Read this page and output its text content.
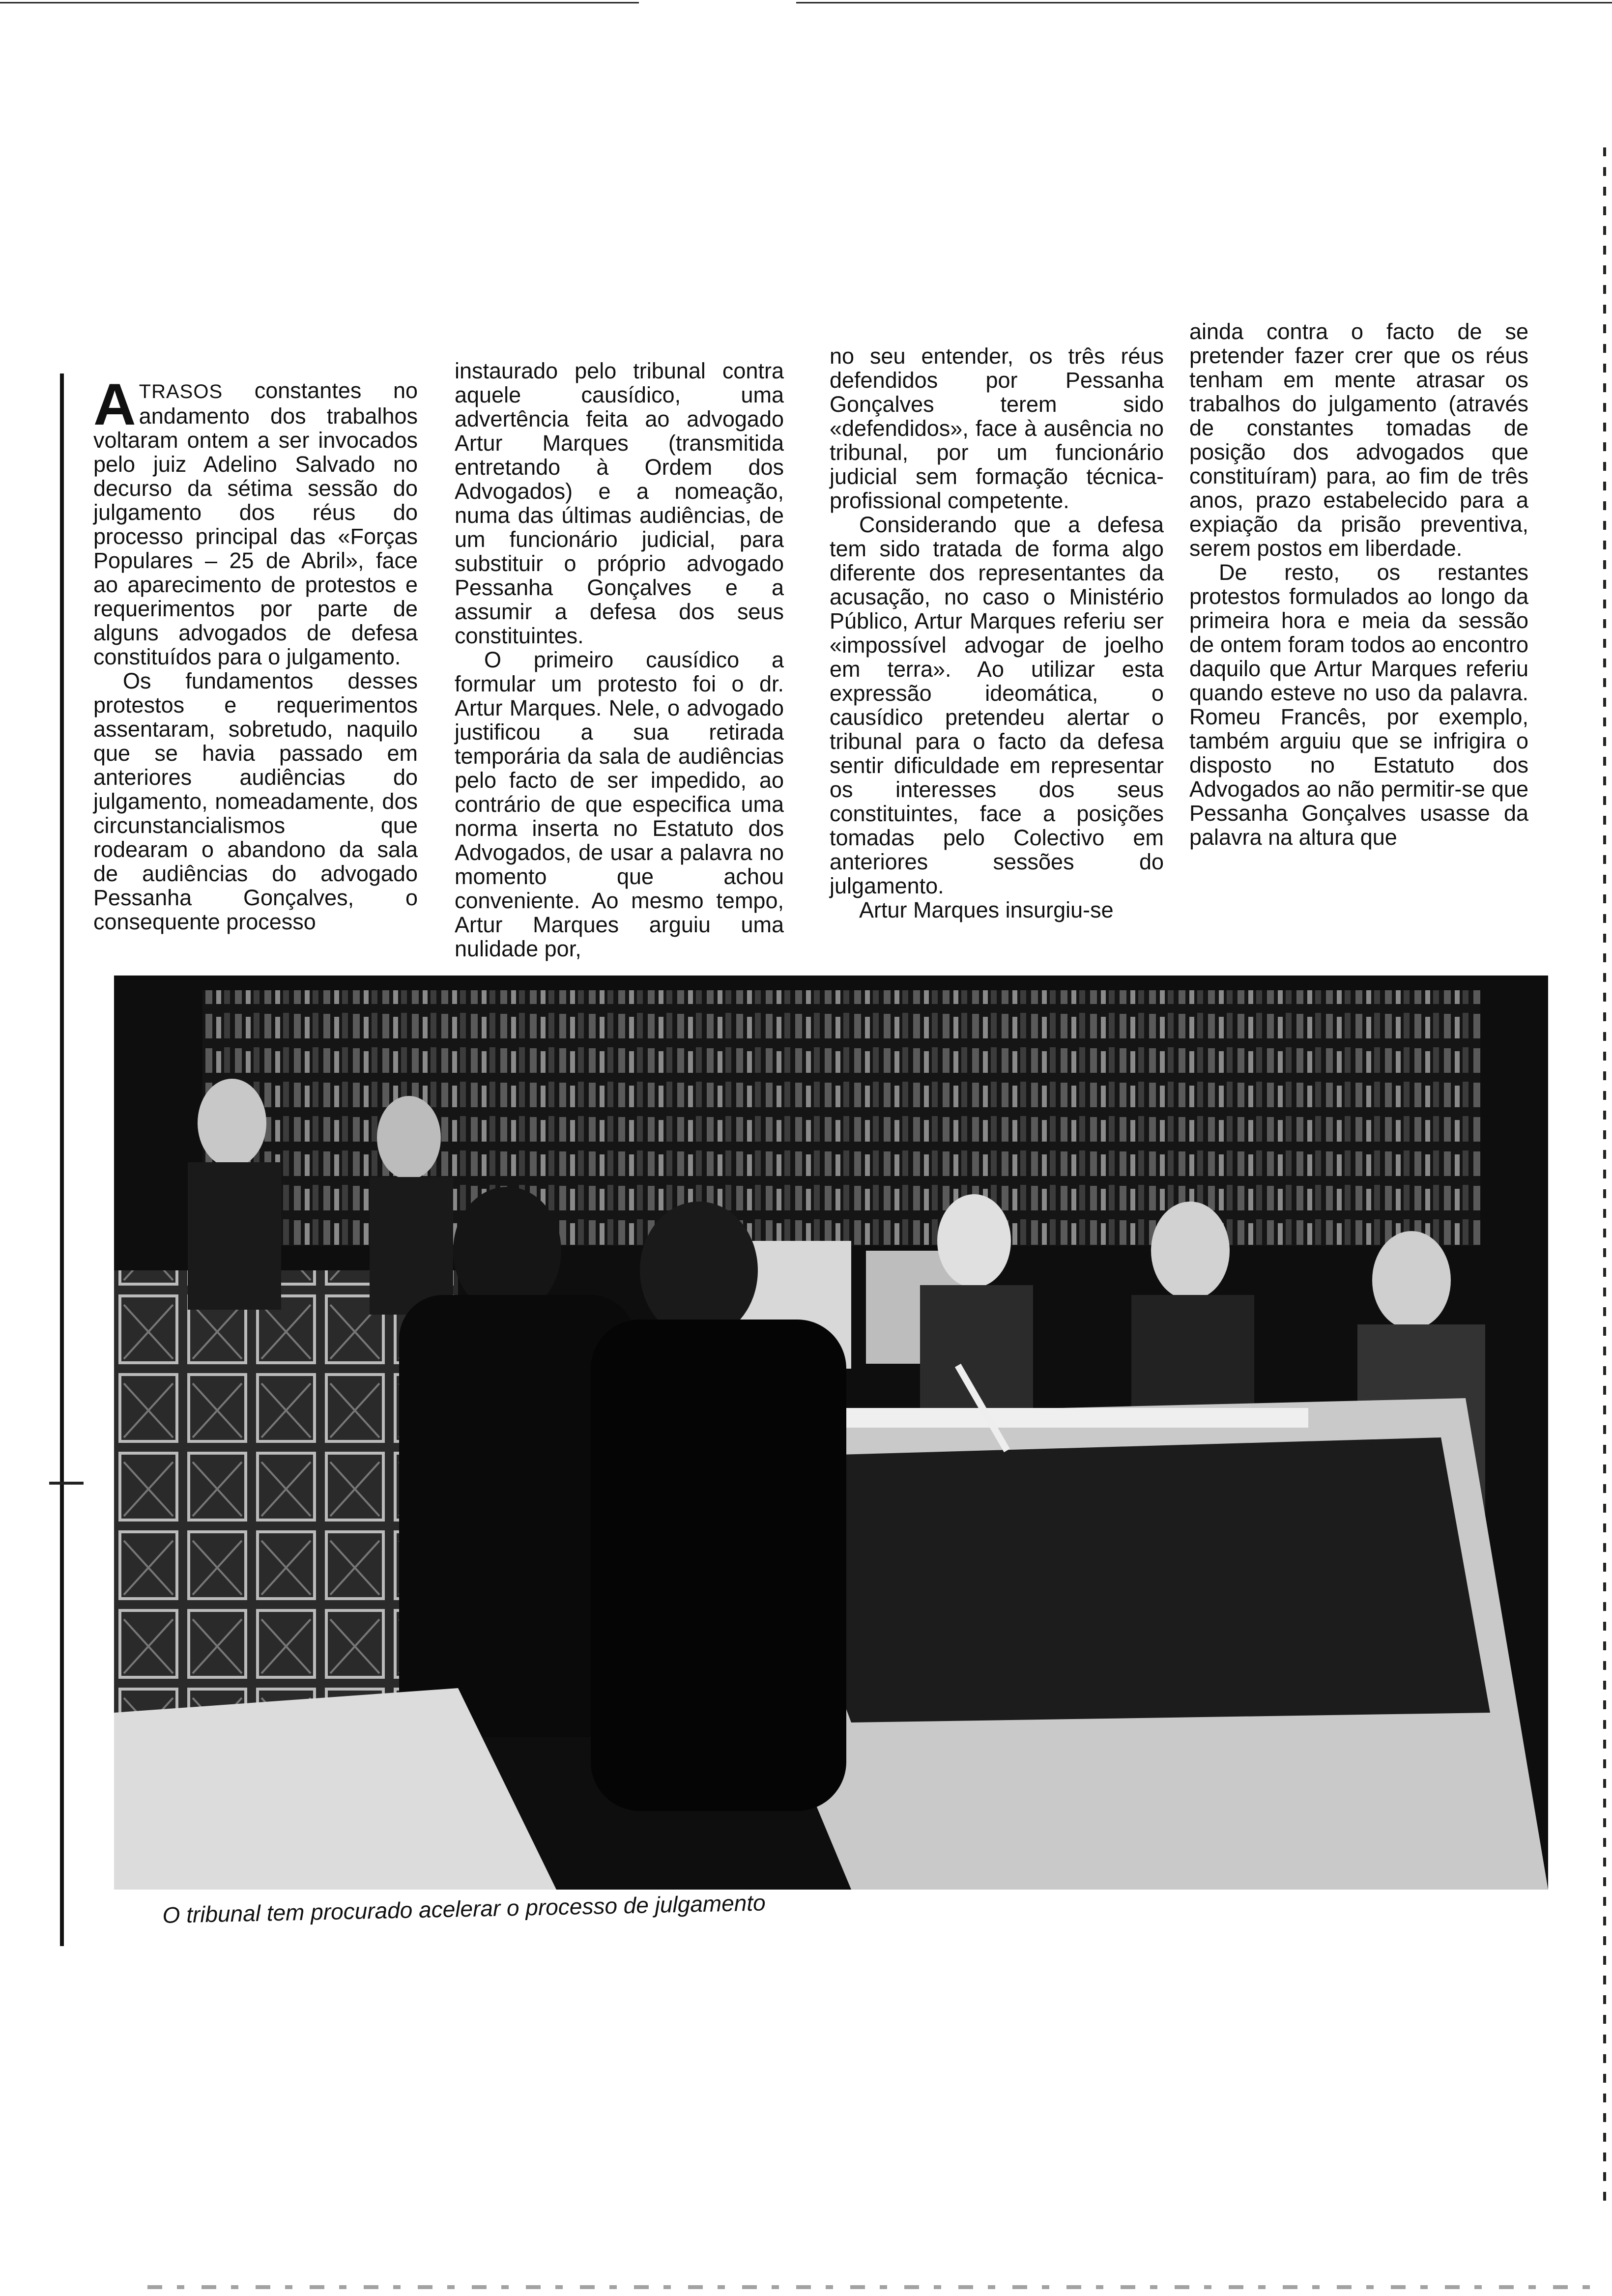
ATRASOS constantes no andamento dos trabalhos voltaram ontem a ser invocados pelo juiz Adelino Salvado no decurso da sétima sessão do julgamento dos réus do processo principal das «Forças Populares – 25 de Abril», face ao aparecimento de protestos e requerimentos por parte de alguns advogados de defesa constituídos para o julgamento.

Os fundamentos desses protestos e requerimentos assentaram, sobretudo, naquilo que se havia passado em anteriores audiências do julgamento, nomeadamente, dos circunstancialismos que rodearam o abandono da sala de audiências do advogado Pessanha Gonçalves, o consequente processo

instaurado pelo tribunal contra aquele causídico, uma advertência feita ao advogado Artur Marques (transmitida entretando à Ordem dos Advogados) e a nomeação, numa das últimas audiências, de um funcionário judicial, para substituir o próprio advogado Pessanha Gonçalves e a assumir a defesa dos seus constituintes.

O primeiro causídico a formular um protesto foi o dr. Artur Marques. Nele, o advogado justificou a sua retirada temporária da sala de audiências pelo facto de ser impedido, ao contrário de que especifica uma norma inserta no Estatuto dos Advogados, de usar a palavra no momento que achou conveniente. Ao mesmo tempo, Artur Marques arguiu uma nulidade por,

no seu entender, os três réus defendidos por Pessanha Gonçalves terem sido «defendidos», face à ausência no tribunal, por um funcionário judicial sem formação técnica-profissional competente.

Considerando que a defesa tem sido tratada de forma algo diferente dos representantes da acusação, no caso o Ministério Público, Artur Marques referiu ser «impossível advogar de joelho em terra». Ao utilizar esta expressão ideomática, o causídico pretendeu alertar o tribunal para o facto da defesa sentir dificuldade em representar os interesses dos seus constituintes, face a posições tomadas pelo Colectivo em anteriores sessões do julgamento.

Artur Marques insurgiu-se

ainda contra o facto de se pretender fazer crer que os réus tenham em mente atrasar os trabalhos do julgamento (através de constantes tomadas de posição dos advogados que constituíram) para, ao fim de três anos, prazo estabelecido para a expiação da prisão preventiva, serem postos em liberdade.

De resto, os restantes protestos formulados ao longo da primeira hora e meia da sessão de ontem foram todos ao encontro daquilo que Artur Marques referiu quando esteve no uso da palavra. Romeu Francês, por exemplo, também arguiu que se infrigira o disposto no Estatuto dos Advogados ao não permitir-se que Pessanha Gonçalves usasse da palavra na altura que

O tribunal tem procurado acelerar o processo de julgamento
